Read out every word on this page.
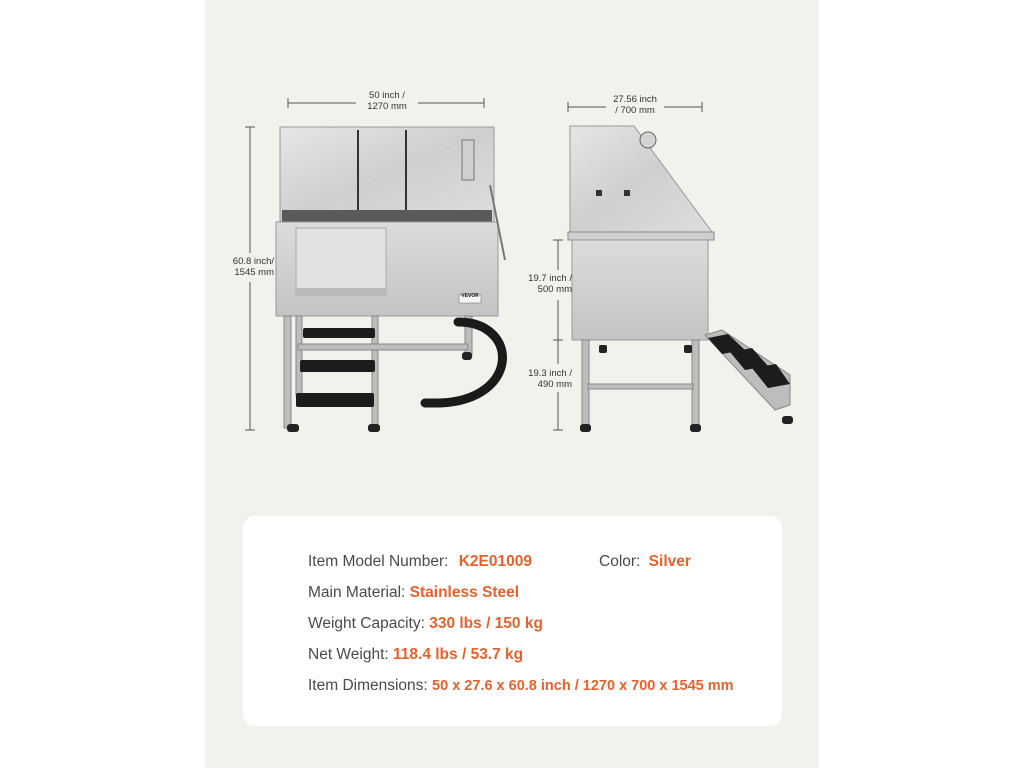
50 inch /
1270 mm
27.56 inch
/ 700 mm
60.8 inch/
1545 mm
19.7 inch /
500 mm
19.3 inch /
490 mm
VEVOR
Item Model Number: K2E01009	Color: Silver
Main Material: Stainless Steel
Weight Capacity: 330 lbs / 150 kg
Net Weight: 118.4 lbs / 53.7 kg
Item Dimensions: 50 x 27.6 x 60.8 inch / 1270 x 700 x 1545 mm
